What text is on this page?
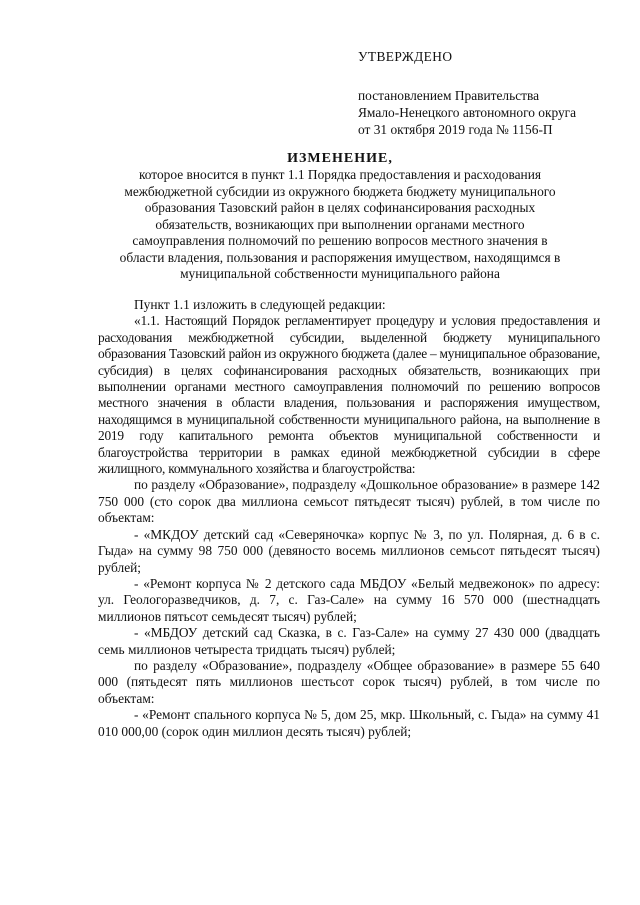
УТВЕРЖДЕНО
постановлением Правительства
Ямало-Ненецкого автономного округа
от 31 октября 2019 года № 1156-П
ИЗМЕНЕНИЕ,
которое вносится в пункт 1.1 Порядка предоставления и расходования
межбюджетной субсидии из окружного бюджета бюджету муниципального
образования Тазовский район в целях софинансирования расходных
обязательств, возникающих при выполнении органами местного
самоуправления полномочий по решению вопросов местного значения в
области владения, пользования и распоряжения имуществом, находящимся в
муниципальной собственности муниципального района
Пункт 1.1 изложить в следующей редакции:
«1.1. Настоящий Порядок регламентирует процедуру и условия предоставления и расходования межбюджетной субсидии, выделенной бюджету муниципального образования Тазовский район из окружного бюджета (далее – муниципальное образование, субсидия) в целях софинансирования расходных обязательств, возникающих при выполнении органами местного самоуправления полномочий по решению вопросов местного значения в области владения, пользования и распоряжения имуществом, находящимся в муниципальной собственности муниципального района, на выполнение в 2019 году капитального ремонта объектов муниципальной собственности и благоустройства территории в рамках единой межбюджетной субсидии в сфере жилищного, коммунального хозяйства и благоустройства:
по разделу «Образование», подразделу «Дошкольное образование» в размере 142 750 000 (сто сорок два миллиона семьсот пятьдесят тысяч) рублей, в том числе по объектам:
- «МКДОУ детский сад «Северяночка» корпус № 3, по ул. Полярная, д. 6 в с. Гыда» на сумму 98 750 000 (девяносто восемь миллионов семьсот пятьдесят тысяч) рублей;
- «Ремонт корпуса № 2 детского сада МБДОУ «Белый медвежонок» по адресу: ул. Геологоразведчиков, д. 7, с. Газ-Сале» на сумму 16 570 000 (шестнадцать миллионов пятьсот семьдесят тысяч) рублей;
- «МБДОУ детский сад Сказка, в с. Газ-Сале» на сумму 27 430 000 (двадцать семь миллионов четыреста тридцать тысяч) рублей;
по разделу «Образование», подразделу «Общее образование» в размере 55 640 000 (пятьдесят пять миллионов шестьсот сорок тысяч) рублей, в том числе по объектам:
- «Ремонт спального корпуса № 5, дом 25, мкр. Школьный, с. Гыда» на сумму 41 010 000,00 (сорок один миллион десять тысяч) рублей;
